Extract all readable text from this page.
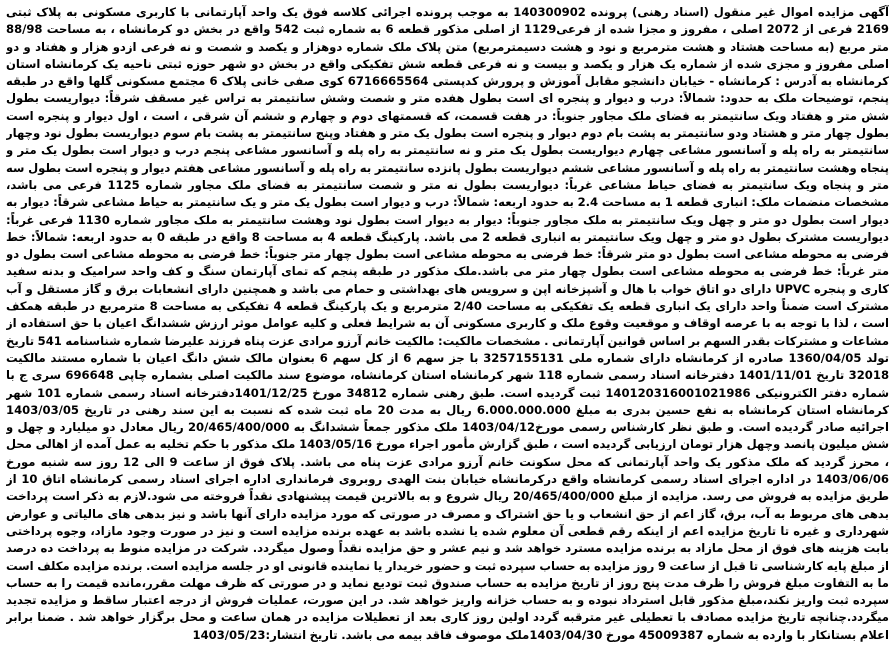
آگهی مزایده اموال غیر منقول (اسناد رهنی) پرونده 140300902 به موجب پرونده اجرائی کلاسه فوق یک واحد آپارتمانی با کاربری مسکونی به پلاک ثبتی 2169 فرعی از 2072 اصلی ، مفروز و مجزا شده از فرعی1129 از اصلی مذکور قطعه 6 به شماره ثبت 542 واقع در بخش دو کرمانشاه ، به مساحت 88/98 متر مربع (به مساحت هشتاد و هشت مترمربع و نود و هشت دسیمترمربع) متن پلاک ملک شماره دوهزار و یکصد و شصت و نه فرعی ازدو هزار و هفتاد و دو اصلی مفروز و مجزی شده از شماره یک هزار و یکصد و بیست و نه فرعی قطعه شش تفکیکی واقع در بخش دو شهر حوزه ثبتی ناحیه یک کرمانشاه استان کرمانشاه به آدرس : کرمانشاه - خیابان دانشجو مقابل آموزش و پرورش کدپستی 6716665564 کوی صفی خانی پلاک 6 مجتمع مسکونی گلها واقع در طبقه پنجم، توضیحات ملک به حدود: شمالاً: درب و دیوار و پنجره ای است بطول هفده متر و شصت وشش سانتیمتر به تراس غیر مسقف شرقاً: دیواریست بطول شش متر و هفتاد ویک سانتیمتر به فضای ملک مجاور جنوباً: در هفت قسمت، که قسمتهای دوم و چهارم و ششم آن شرقی ، است ، اول دیوار و پنجره است بطول چهار متر و هشتاد ودو سانتیمتر به پشت بام دوم دیوار و پنجره است بطول یک متر و هفتاد وپنج سانتیمتر به پشت بام سوم دیواریست بطول نود وچهار سانتیمتر به راه پله و آسانسور مشاعی چهارم دیواریست بطول یک متر و نه سانتیمتر به راه پله و آسانسور مشاعی پنجم درب و دیوار است بطول یک متر و پنجاه وهشت سانتیمتر به راه پله و آسانسور مشاعی ششم دیواریست بطول پانزده سانتیمتر به راه پله و آسانسور مشاعی هفتم دیوار و پنجره است بطول سه متر و پنجاه ویک سانتیمتر به فضای حیاط مشاعی غرباً: دیواریست بطول نه متر و شصت سانتیمتر به فضای ملک مجاور شماره 1125 فرعی می باشد، مشخصات منضمات ملک: انباری قطعه 1 به مساحت 2.4 به حدود اربعه: شمالاً: درب و دیوار است بطول یک متر و یک سانتیمتر به حیاط مشاعی شرقاً: دیوار به دیوار است بطول دو متر و چهل ویک سانتیمتر به ملک مجاور جنوباً: دیوار به دیوار است بطول نود وهشت سانتیمتر به ملک مجاور شماره 1130 فرعی غرباً: دیواریست مشترک بطول دو متر و چهل ویک سانتیمتر به انباری قطعه 2 می باشد. پارکینگ قطعه 4 به مساحت 8 واقع در طبقه 0 به حدود اربعه: شمالاً: خط فرضی به محوطه مشاعی است بطول دو متر شرقاً: خط فرضی به محوطه مشاعی است بطول چهار متر جنوباً: خط فرضی به محوطه مشاعی است بطول دو متر غرباً: خط فرضی به محوطه مشاعی است بطول چهار متر می باشد.ملک مذکور در طبقه پنجم که تمای آپارتمان سنگ و کف واحد سرامیک و بدنه سفید کاری و پنجره UPVC دارای دو اتاق خواب با هال و آشپزخانه اپن و سرویس های بهداشتی و حمام می باشد و همچنین دارای انشعابات برق و گاز مستقل و آب مشترک است ضمناً واحد دارای یک انباری قطعه یک تفکیکی به مساحت 2/40 مترمربع و یک پارکینگ قطعه 4 تفکیکی به مساحت 8 مترمربع در طبقه همکف است ، لذا با توجه به با عرصه اوقاف و موقعیت وقوع ملک و کاربری مسکونی آن به شرایط فعلی و کلیه عوامل موثر ارزش ششدانگ اعیان با حق استفاده از مشاعات و مشترکات بقدر السهم بر اساس قوانین آپارتمانی . مشخصات مالکیت: مالکیت خانم آرزو مرادی عزت پناه فرزند علیرضا شماره شناسنامه 541 تاریخ تولد 1360/04/05 صادره از کرمانشاه دارای شماره ملی 3257155131 با جز سهم 6 از کل سهم 6 بعنوان مالک شش دانگ اعیان با شماره مستند مالکیت 32018 تاریخ 1401/11/01 دفترخانه اسناد رسمی شماره 118 شهر کرمانشاه استان کرمانشاه، موضوع سند مالکیت اصلی بشماره چاپی 696648 سری ج با شماره دفتر الکترونیکی 140120316001021986 ثبت گردیده است. طبق رهنی شماره 34812 مورخ 1401/12/25دفترخانه اسناد رسمی شماره 101 شهر کرمانشاه استان کرمانشاه به نفع حسین بدری به مبلغ 6.000.000.000 ریال به مدت 20 ماه ثبت شده که نسبت به این سند رهنی در تاریخ 1403/03/05 اجرائیه صادر گردیده است. و طبق نظر کارشناس رسمی مورخ1403/04/12 ملک مذکور جمعاً ششدانگ به 20/465/400/000 ریال معادل دو میلیارد و چهل و شش میلیون پانصد وچهل هزار تومان ارزیابی گردیده است ، طبق گزارش مأمور اجراء مورخ 1403/05/16 ملک مذکور با حکم تخلیه به عمل آمده از اهالی محل ، محرز گردید که ملک مذکور یک واحد آپارتمانی که محل سکونت خانم آرزو مرادی عزت پناه می باشد. پلاک فوق از ساعت 9 الی 12 روز سه شنبه مورخ 1403/06/06 در اداره اجرای اسناد رسمی کرمانشاه واقع درکرمانشاه خیابان بنت الهدی روبروی فرمانداری اداره اجرای اسناد رسمی کرمانشاه اتاق 10 از طریق مزایده به فروش می رسد. مزایده از مبلغ 20/465/400/000 ریال شروع و به بالاترین قیمت پیشنهادی نقداً فروخته می شود.لازم به ذکر است پرداخت بدهی های مربوط به آب، برق، گاز اعم از حق انشعاب و یا حق اشتراک و مصرف در صورتی که مورد مزایده دارای آنها باشد و نیز بدهی های مالیاتی و عوارض شهرداری و غیره تا تاریخ مزایده اعم از اینکه رقم قطعی آن معلوم شده یا نشده باشد به عهده برنده مزایده است و نیز در صورت وجود مازاد، وجوه پرداختی بابت هزینه های فوق از محل مازاد به برنده مزایده مسترد خواهد شد و نیم عشر و حق مزایده نقداً وصول میگردد. شرکت در مزایده منوط به پرداخت ده درصد از مبلغ پایه کارشناسی تا قبل از ساعت 9 روز مزایده به حساب سپرده ثبت و حضور خریدار یا نماینده قانونی او در جلسه مزایده است. برنده مزایده مکلف است ما به التفاوت مبلغ فروش را ظرف مدت پنج روز از تاریخ مزایده به حساب صندوق ثبت تودیع نماید و در صورتی که ظرف مهلت مقرر،مانده قیمت را به حساب سپرده ثبت واریز نکند،مبلغ مذکور قابل استرداد نبوده و به حساب خزانه واریز خواهد شد. در این صورت، عملیات فروش از درجه اعتبار ساقط و مزایده تجدید میگردد.چنانچه تاریخ مزایده مصادف با تعطیلی غیر مترقبه گردد اولین روز کاری بعد از تعطیلات مزایده در همان ساعت و محل برگزار خواهد شد . ضمنا برابر اعلام بستانکار با وارده به شماره 45009387 مورخ 1403/04/30ملک موصوف فاقد بیمه می باشد. تاریخ انتشار:1403/05/23
